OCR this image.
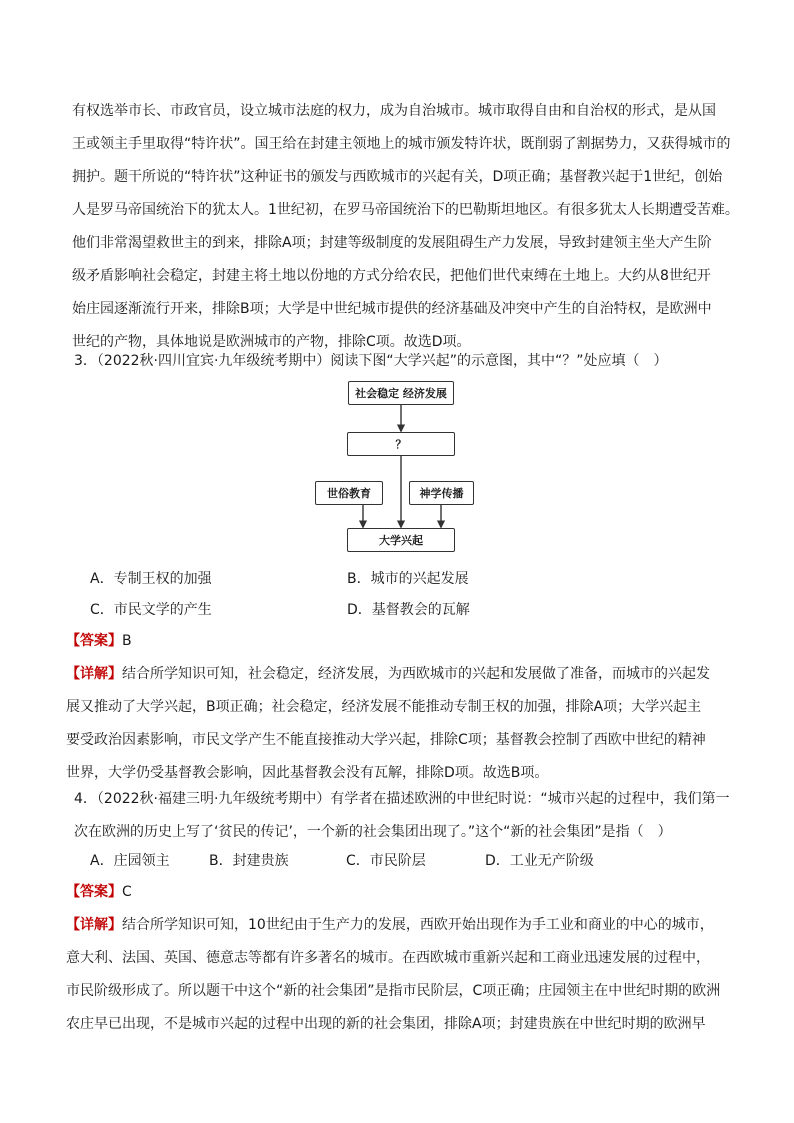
有权选举市长、市政官员，设立城市法庭的权力，成为自治城市。城市取得自由和自治权的形式，是从国
王或领主手里取得“特许状”。国王给在封建主领地上的城市颁发特许状，既削弱了割据势力，又获得城市的
拥护。题干所说的“特许状”这种证书的颁发与西欧城市的兴起有关，D项正确；基督教兴起于1世纪，创始
人是罗马帝国统治下的犹太人。1世纪初，在罗马帝国统治下的巴勒斯坦地区。有很多犹太人长期遭受苦难。
他们非常渴望救世主的到来，排除A项；封建等级制度的发展阻碍生产力发展，导致封建领主坐大产生阶
级矛盾影响社会稳定，封建主将土地以份地的方式分给农民，把他们世代束缚在土地上。大约从8世纪开
始庄园逐渐流行开来，排除B项；大学是中世纪城市提供的经济基础及冲突中产生的自治特权，是欧洲中
世纪的产物，具体地说是欧洲城市的产物，排除C项。故选D项。
3．（2022秋·四川宜宾·九年级统考期中）阅读下图“大学兴起”的示意图，其中“？”处应填（　）
社会稳定 经济发展
？
世俗教育	神学传播
大学兴起
A．专制王权的加强	B．城市的兴起发展
C．市民文学的产生	D．基督教会的瓦解
【答案】B
【详解】结合所学知识可知，社会稳定，经济发展，为西欧城市的兴起和发展做了准备，而城市的兴起发
展又推动了大学兴起，B项正确；社会稳定，经济发展不能推动专制王权的加强，排除A项；大学兴起主
要受政治因素影响，市民文学产生不能直接推动大学兴起，排除C项；基督教会控制了西欧中世纪的精神
世界，大学仍受基督教会影响，因此基督教会没有瓦解，排除D项。故选B项。
4．（2022秋·福建三明·九年级统考期中）有学者在描述欧洲的中世纪时说：“城市兴起的过程中，我们第一
次在欧洲的历史上写了‘贫民的传记’，一个新的社会集团出现了。”这个“新的社会集团”是指（　）
A．庄园领主	B．封建贵族	C．市民阶层	D．工业无产阶级
【答案】C
【详解】结合所学知识可知，10世纪由于生产力的发展，西欧开始出现作为手工业和商业的中心的城市，
意大利、法国、英国、德意志等都有许多著名的城市。在西欧城市重新兴起和工商业迅速发展的过程中，
市民阶级形成了。所以题干中这个“新的社会集团”是指市民阶层，C项正确；庄园领主在中世纪时期的欧洲
农庄早已出现，不是城市兴起的过程中出现的新的社会集团，排除A项；封建贵族在中世纪时期的欧洲早
